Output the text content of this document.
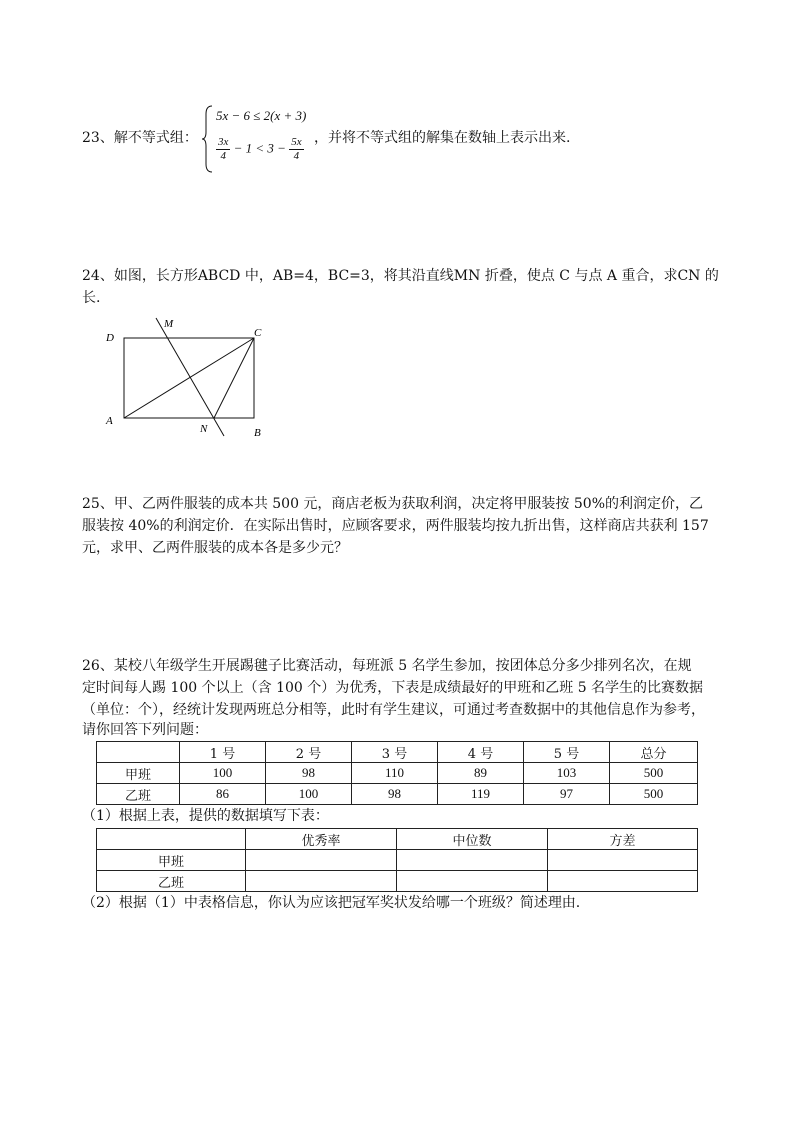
23、解不等式组：
5x − 6 ≤ 2(x + 3)
$\frac{3x}{4} - 1 < 3 - \frac{5x}{4}$ ，并将不等式组的解集在数轴上表示出来.
24、如图，长方形ABCD 中，AB=4，BC=3，将其沿直线MN 折叠，使点 C 与点 A 重合，求CN 的
长.
D
M
C
A
N	B
25、甲、乙两件服装的成本共 500 元，商店老板为获取利润，决定将甲服装按 50%的利润定价，乙
服装按 40%的利润定价．在实际出售时，应顾客要求，两件服装均按九折出售，这样商店共获利 157
元，求甲、乙两件服装的成本各是多少元？
26、某校八年级学生开展踢毽子比赛活动，每班派 5 名学生参加，按团体总分多少排列名次，在规
定时间每人踢 100 个以上（含 100 个）为优秀，下表是成绩最好的甲班和乙班 5 名学生的比赛数据
（单位：个），经统计发现两班总分相等，此时有学生建议，可通过考查数据中的其他信息作为参考，
请你回答下列问题：
	1 号	2 号	3 号	4 号	5 号	总分
甲班	100	98	110	89	103	500
乙班	86	100	98	119	97	500
（1）根据上表，提供的数据填写下表：
	优秀率	中位数	方差
甲班			
乙班			
（2）根据（1）中表格信息，你认为应该把冠军奖状发给哪一个班级？简述理由.
